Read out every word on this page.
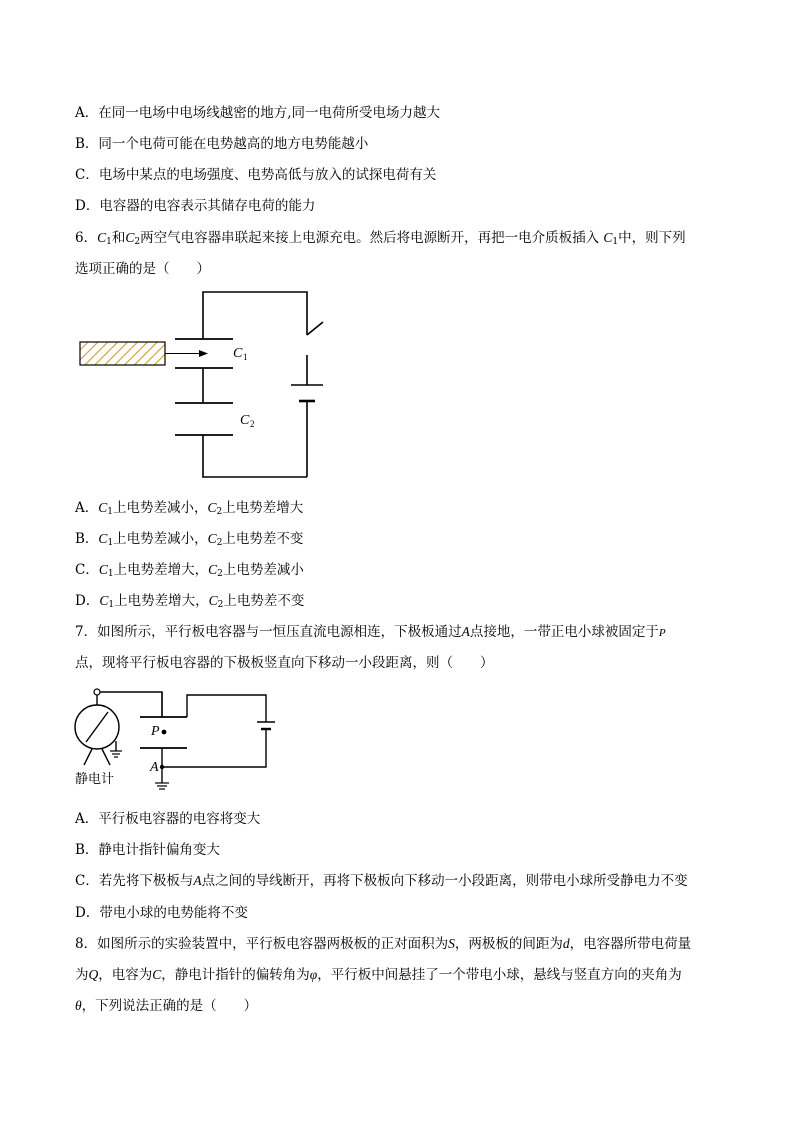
A．在同一电场中电场线越密的地方,同一电荷所受电场力越大
B．同一个电荷可能在电势越高的地方电势能越小
C．电场中某点的电场强度、电势高低与放入的试探电荷有关
D．电容器的电容表示其储存电荷的能力
6．$C_1$和$C_2$两空气电容器串联起来接上电源充电。然后将电源断开，再把一电介质板插入 $C_1$中，则下列
选项正确的是（　　）
C 1
C 2
A．$C_1$上电势差减小，$C_2$上电势差增大
B．$C_1$上电势差减小，$C_2$上电势差不变
C．$C_1$上电势差增大，$C_2$上电势差减小
D．$C_1$上电势差增大，$C_2$上电势差不变
7．如图所示，平行板电容器与一恒压直流电源相连，下极板通过A点接地，一带正电小球被固定于P
点，现将平行板电容器的下极板竖直向下移动一小段距离，则（　　）
P
A
静电计
A．平行板电容器的电容将变大
B．静电计指针偏角变大
C．若先将下极板与A点之间的导线断开，再将下极板向下移动一小段距离，则带电小球所受静电力不变
D．带电小球的电势能将不变
8．如图所示的实验装置中，平行板电容器两极板的正对面积为S，两极板的间距为d，电容器所带电荷量
为Q，电容为C，静电计指针的偏转角为φ，平行板中间悬挂了一个带电小球，悬线与竖直方向的夹角为
θ，下列说法正确的是（　　）
